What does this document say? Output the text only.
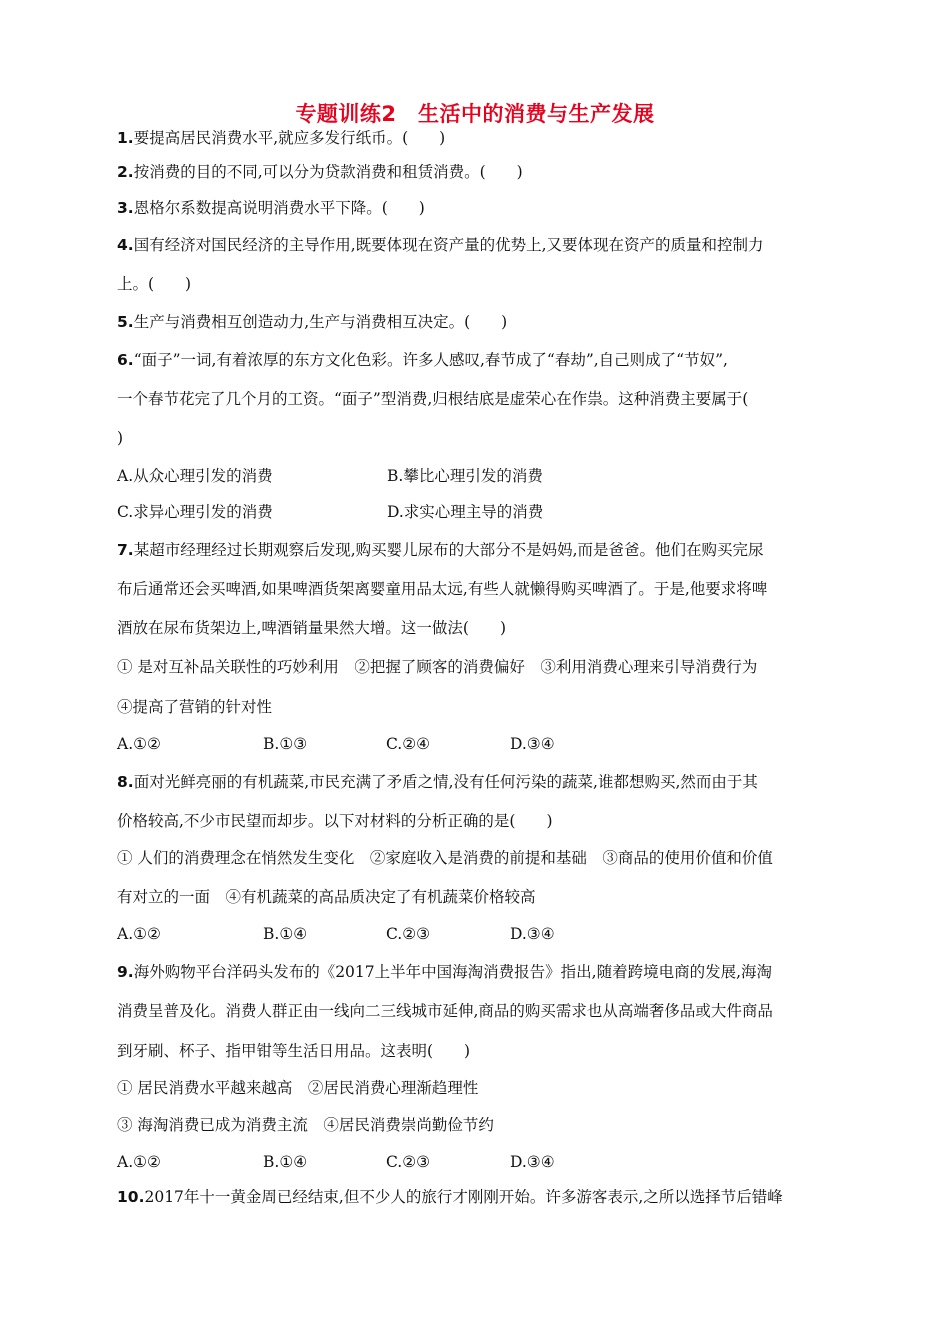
专题训练2　生活中的消费与生产发展
1.要提高居民消费水平,就应多发行纸币。(　　)
2.按消费的目的不同,可以分为贷款消费和租赁消费。(　　)
3.恩格尔系数提高说明消费水平下降。(　　)
4.国有经济对国民经济的主导作用,既要体现在资产量的优势上,又要体现在资产的质量和控制力
上。(　　)
5.生产与消费相互创造动力,生产与消费相互决定。(　　)
6.“面子”一词,有着浓厚的东方文化色彩。许多人感叹,春节成了“春劫”,自己则成了“节奴”,
一个春节花完了几个月的工资。“面子”型消费,归根结底是虚荣心在作祟。这种消费主要属于(
)
A.从众心理引发的消费	B.攀比心理引发的消费
C.求异心理引发的消费	D.求实心理主导的消费
7.某超市经理经过长期观察后发现,购买婴儿尿布的大部分不是妈妈,而是爸爸。他们在购买完尿
布后通常还会买啤酒,如果啤酒货架离婴童用品太远,有些人就懒得购买啤酒了。于是,他要求将啤
酒放在尿布货架边上,啤酒销量果然大增。这一做法(　　)
① 是对互补品关联性的巧妙利用　②把握了顾客的消费偏好　③利用消费心理来引导消费行为
④提高了营销的针对性
A.①②	B.①③	C.②④	D.③④
8.面对光鲜亮丽的有机蔬菜,市民充满了矛盾之情,没有任何污染的蔬菜,谁都想购买,然而由于其
价格较高,不少市民望而却步。以下对材料的分析正确的是(　　)
① 人们的消费理念在悄然发生变化　②家庭收入是消费的前提和基础　③商品的使用价值和价值
有对立的一面　④有机蔬菜的高品质决定了有机蔬菜价格较高
A.①②	B.①④	C.②③	D.③④
9.海外购物平台洋码头发布的《2017上半年中国海淘消费报告》指出,随着跨境电商的发展,海淘
消费呈普及化。消费人群正由一线向二三线城市延伸,商品的购买需求也从高端奢侈品或大件商品
到牙刷、杯子、指甲钳等生活日用品。这表明(　　)
① 居民消费水平越来越高　②居民消费心理渐趋理性
③ 海淘消费已成为消费主流　④居民消费崇尚勤俭节约
A.①②	B.①④	C.②③	D.③④
10.2017年十一黄金周已经结束,但不少人的旅行才刚刚开始。许多游客表示,之所以选择节后错峰
